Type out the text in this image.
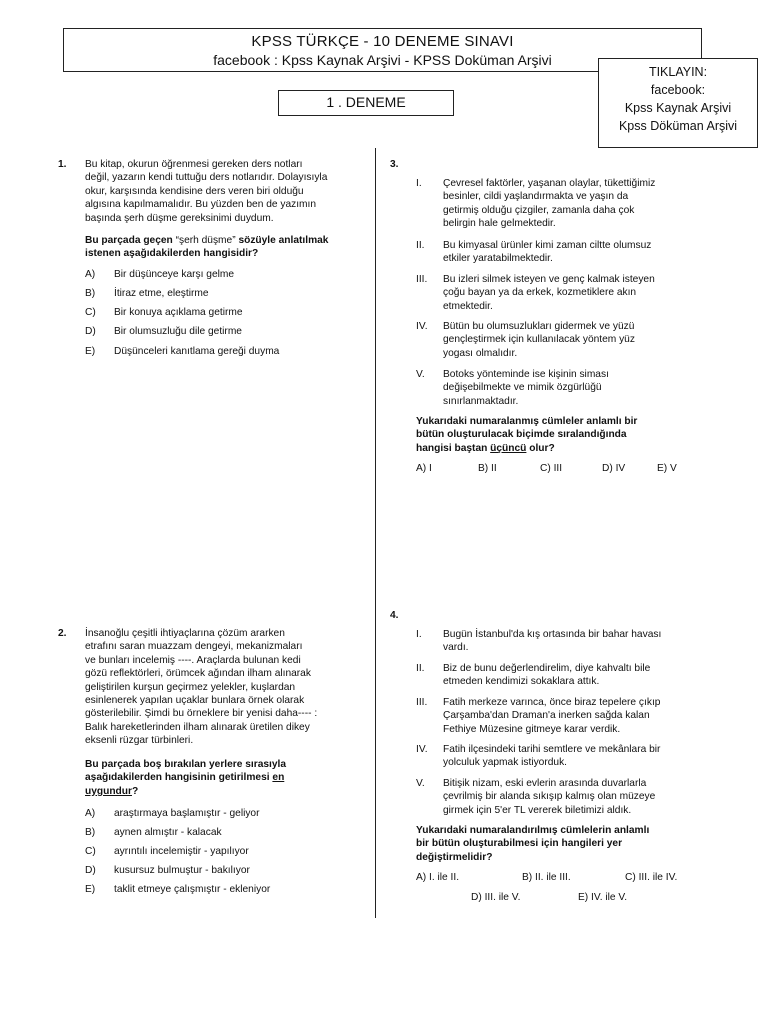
KPSS TÜRKÇE - 10 DENEME SINAVI
facebook : Kpss Kaynak Arşivi - KPSS Doküman Arşivi
TIKLAYIN:
facebook:
Kpss Kaynak Arşivi
Kpss Döküman Arşivi
1 . DENEME
1. Bu kitap, okurun öğrenmesi gereken ders notları
değil, yazarın kendi tuttuğu ders notlarıdır. Dolayısıyla
okur, karşısında kendisine ders veren biri olduğu
algısına kapılmamalıdır. Bu yüzden ben de yazımın
başında şerh düşme gereksinimi duydum.
Bu parçada geçen “şerh düşme” sözüyle anlatılmak
istenen aşağıdakilerden hangisidir?
A) Bir düşünceye karşı gelme
B) İtiraz etme, eleştirme
C) Bir konuya açıklama getirme
D) Bir olumsuzluğu dile getirme
E) Düşünceleri kanıtlama gereği duyma
2. İnsanoğlu çeşitli ihtiyaçlarına çözüm ararken
etrafını saran muazzam dengeyi, mekanizmaları
ve bunları incelemiş ----. Araçlarda bulunan kedi
gözü reflektörleri, örümcek ağından ilham alınarak
geliştirilen kurşun geçirmez yelekler, kuşlardan
esinlenerek yapılan uçaklar bunlara örnek olarak
gösterilebilir. Şimdi bu örneklere bir yenisi daha---- :
Balık hareketlerinden ilham alınarak üretilen dikey
eksenli rüzgar türbinleri.
Bu parçada boş bırakılan yerlere sırasıyla
aşağıdakilerden hangisinin getirilmesi en
uygundur?
A) araştırmaya başlamıştır - geliyor
B) aynen almıştır - kalacak
C) ayrıntılı incelemiştir - yapılıyor
D) kusursuz bulmuştur - bakılıyor
E) taklit etmeye çalışmıştır - ekleniyor
3.
I. Çevresel faktörler, yaşanan olaylar, tükettiğimiz
besinler, cildi yaşlandırmakta ve yaşın da
getirmiş olduğu çizgiler, zamanla daha çok
belirgin hale gelmektedir.
II. Bu kimyasal ürünler kimi zaman ciltte olumsuz
etkiler yaratabilmektedir.
III. Bu izleri silmek isteyen ve genç kalmak isteyen
çoğu bayan ya da erkek, kozmetiklere akın
etmektedir.
IV. Bütün bu olumsuzlukları gidermek ve yüzü
gençleştirmek için kullanılacak yöntem yüz
yogası olmalıdır.
V. Botoks yönteminde ise kişinin siması
değişebilmekte ve mimik özgürlüğü
sınırlanmaktadır.
Yukarıdaki numaralanmış cümleler anlamlı bir
bütün oluşturulacak biçimde sıralandığında
hangisi baştan üçüncü olur?
A) I	B) II	C) III	D) IV	E) V
4.
I. Bugün İstanbul'da kış ortasında bir bahar havası
vardı.
II. Biz de bunu değerlendirelim, diye kahvaltı bile
etmeden kendimizi sokaklara attık.
III. Fatih merkeze varınca, önce biraz tepelere çıkıp
Çarşamba'dan Draman'a inerken sağda kalan
Fethiye Müzesine gitmeye karar verdik.
IV. Fatih ilçesindeki tarihi semtlere ve mekânlara bir
yolculuk yapmak istiyorduk.
V. Bitişik nizam, eski evlerin arasında duvarlarla
çevrilmiş bir alanda sıkışıp kalmış olan müzeye
girmek için 5'er TL vererek biletimizi aldık.
Yukarıdaki numaralandırılmış cümlelerin anlamlı
bir bütün oluşturabilmesi için hangileri yer
değiştirmelidir?
A) I. ile II.	B) II. ile III.	C) III. ile IV.
D) III. ile V.	E) IV. ile V.
